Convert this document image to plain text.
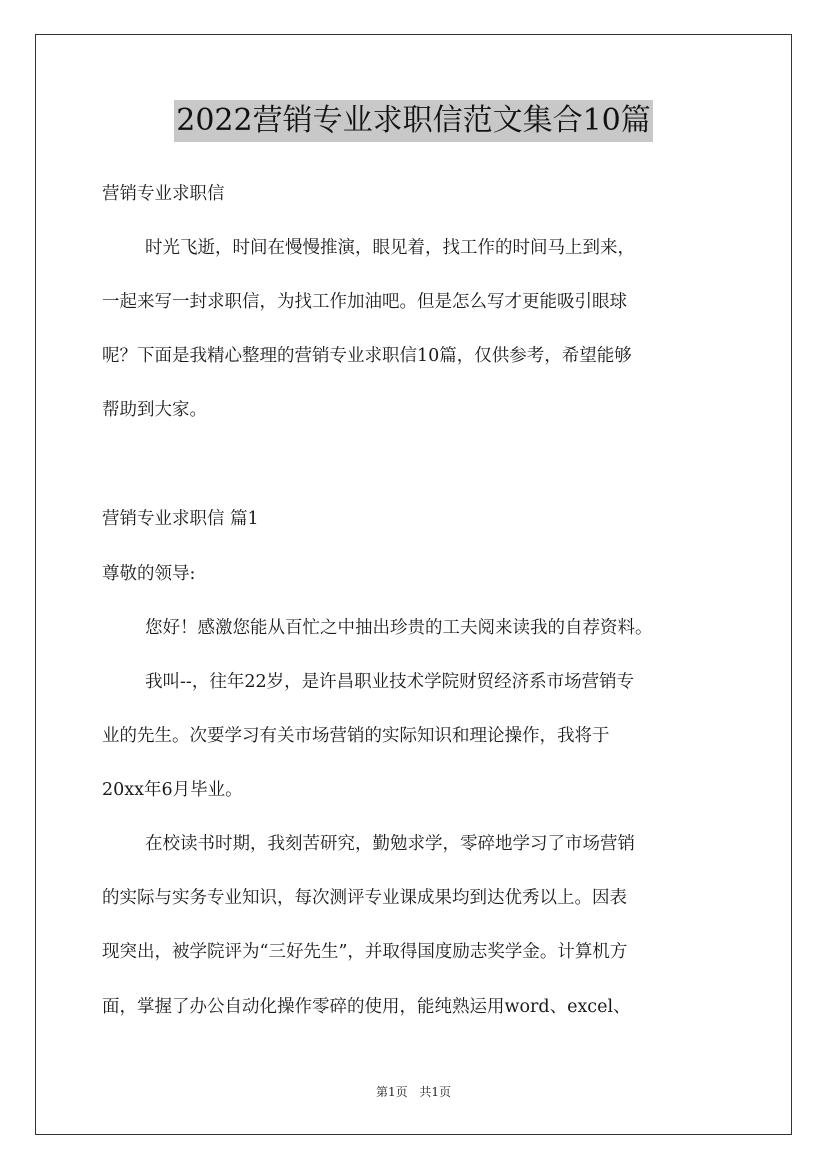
2022营销专业求职信范文集合10篇
营销专业求职信
时光飞逝，时间在慢慢推演，眼见着，找工作的时间马上到来，
一起来写一封求职信，为找工作加油吧。但是怎么写才更能吸引眼球
呢？下面是我精心整理的营销专业求职信10篇，仅供参考，希望能够
帮助到大家。
营销专业求职信 篇1
尊敬的领导:
您好！感激您能从百忙之中抽出珍贵的工夫阅来读我的自荐资料。
我叫--，往年22岁，是许昌职业技术学院财贸经济系市场营销专
业的先生。次要学习有关市场营销的实际知识和理论操作，我将于
20xx年6月毕业。
在校读书时期，我刻苦研究，勤勉求学，零碎地学习了市场营销
的实际与实务专业知识，每次测评专业课成果均到达优秀以上。因表
现突出，被学院评为“三好先生”，并取得国度励志奖学金。计算机方
面，掌握了办公自动化操作零碎的使用，能纯熟运用word、excel、
第1页 共1页
